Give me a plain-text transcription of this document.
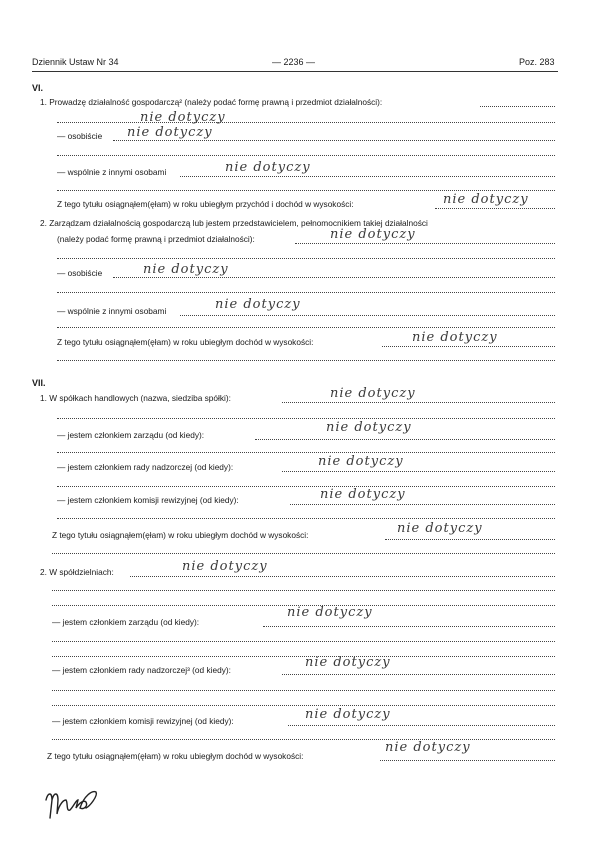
Dziennik Ustaw Nr 34	— 2236 —	Poz. 283
VI.
1. Prowadzę działalność gospodarczą² (należy podać formę prawną i przedmiot działalności):
nie dotyczy
— osobiście nie dotyczy
— wspólnie z innymi osobami	nie dotyczy
Z tego tytułu osiągnąłem(ęłam) w roku ubiegłym przychód i dochód w wysokości:	nie dotyczy
2. Zarządzam działalnością gospodarczą lub jestem przedstawicielem, pełnomocnikiem takiej działalności
(należy podać formę prawną i przedmiot działalności):	nie dotyczy
— osobiście	nie dotyczy
— wspólnie z innymi osobami	nie dotyczy
Z tego tytułu osiągnąłem(ęłam) w roku ubiegłym dochód w wysokości:	nie dotyczy
VII.
1. W spółkach handlowych (nazwa, siedziba spółki):	nie dotyczy
— jestem członkiem zarządu (od kiedy):	nie dotyczy
— jestem członkiem rady nadzorczej (od kiedy):	nie dotyczy
— jestem członkiem komisji rewizyjnej (od kiedy):	nie dotyczy
Z tego tytułu osiągnąłem(ęłam) w roku ubiegłym dochód w wysokości:	nie dotyczy
2. W spółdzielniach:	nie dotyczy
— jestem członkiem zarządu (od kiedy):
nie dotyczy
— jestem członkiem rady nadzorczej³ (od kiedy):	nie dotyczy
— jestem członkiem komisji rewizyjnej (od kiedy):	nie dotyczy
Z tego tytułu osiągnąłem(ęłam) w roku ubiegłym dochód w wysokości:
nie dotyczy
